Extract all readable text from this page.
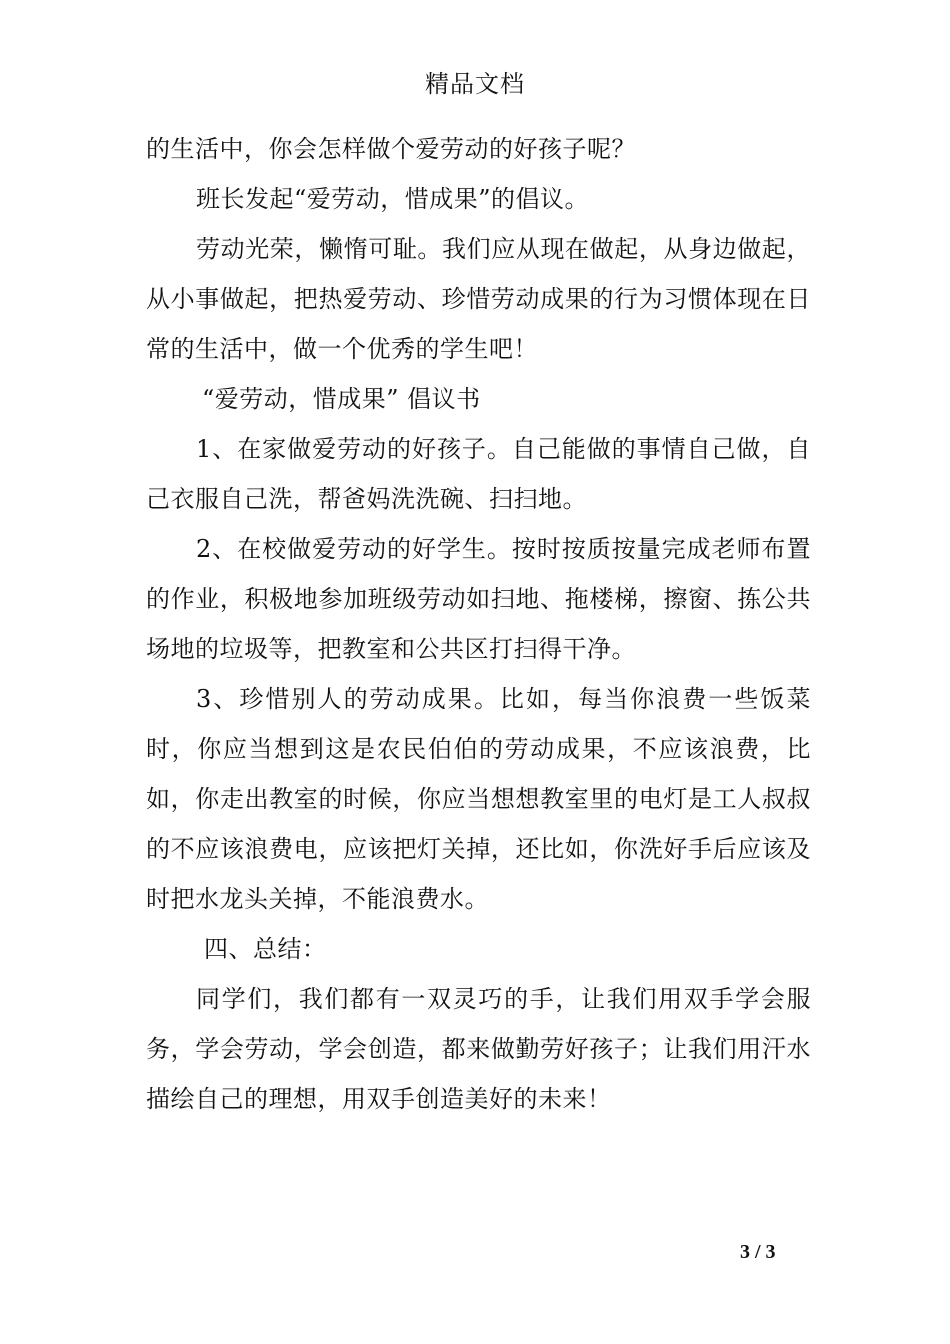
精品文档

的生活中，你会怎样做个爱劳动的好孩子呢？

班长发起“爱劳动，惜成果”的倡议。

劳动光荣，懒惰可耻。我们应从现在做起，从身边做起，从小事做起，把热爱劳动、珍惜劳动成果的行为习惯体现在日常的生活中，做一个优秀的学生吧！

“爱劳动，惜成果” 倡议书

1、在家做爱劳动的好孩子。自己能做的事情自己做，自己衣服自己洗，帮爸妈洗洗碗、扫扫地。

2、在校做爱劳动的好学生。按时按质按量完成老师布置的作业，积极地参加班级劳动如扫地、拖楼梯，擦窗、拣公共场地的垃圾等，把教室和公共区打扫得干净。

3、珍惜别人的劳动成果。比如，每当你浪费一些饭菜时，你应当想到这是农民伯伯的劳动成果，不应该浪费，比如，你走出教室的时候，你应当想想教室里的电灯是工人叔叔的不应该浪费电，应该把灯关掉，还比如，你洗好手后应该及时把水龙头关掉，不能浪费水。

四、总结：

同学们，我们都有一双灵巧的手，让我们用双手学会服务，学会劳动，学会创造，都来做勤劳好孩子；让我们用汗水描绘自己的理想，用双手创造美好的未来！

3 / 3
